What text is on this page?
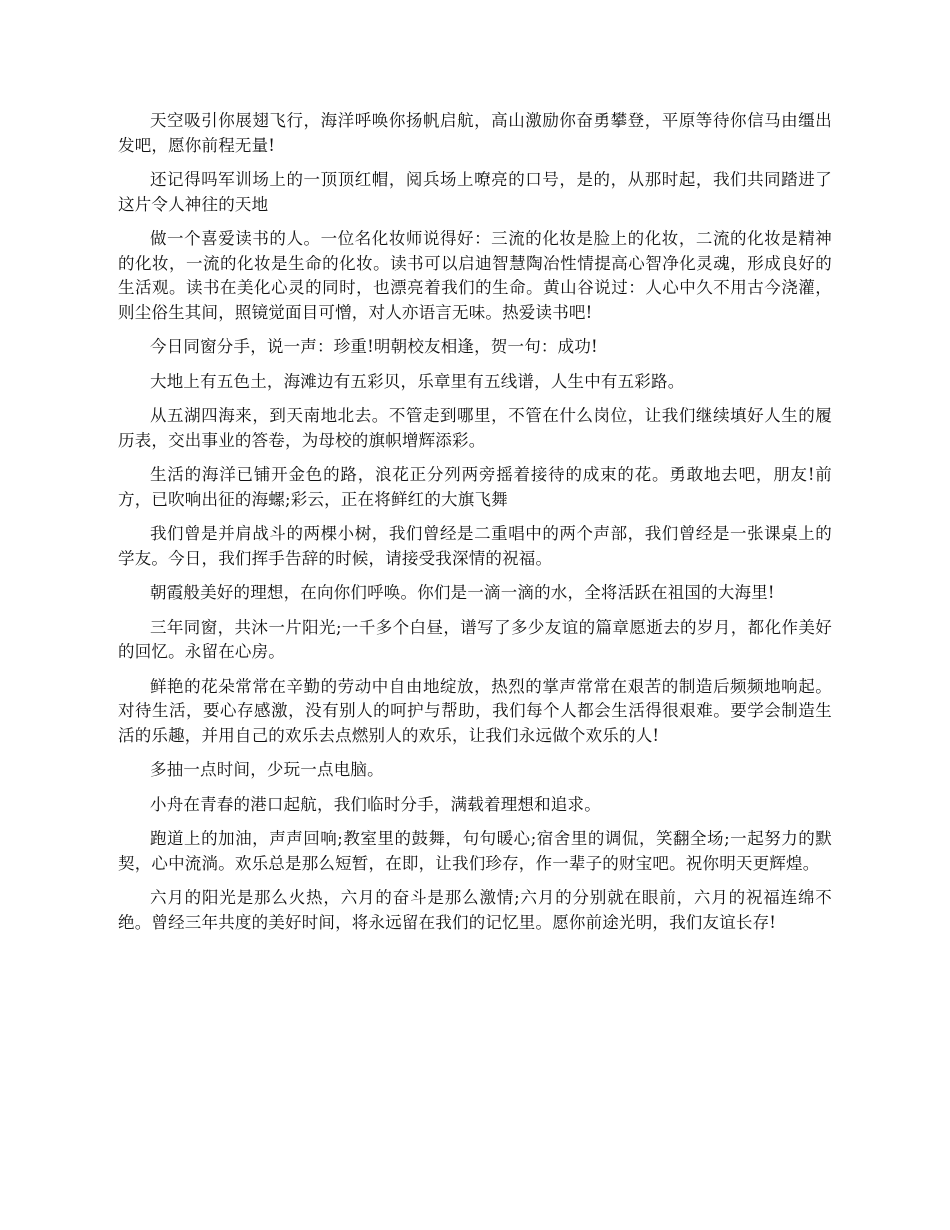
天空吸引你展翅飞行，海洋呼唤你扬帆启航，高山激励你奋勇攀登，平原等待你信马由缰出发吧，愿你前程无量!

还记得吗军训场上的一顶顶红帽，阅兵场上嘹亮的口号，是的，从那时起，我们共同踏进了这片令人神往的天地

做一个喜爱读书的人。一位名化妆师说得好：三流的化妆是脸上的化妆，二流的化妆是精神的化妆，一流的化妆是生命的化妆。读书可以启迪智慧陶冶性情提高心智净化灵魂，形成良好的生活观。读书在美化心灵的同时，也漂亮着我们的生命。黄山谷说过：人心中久不用古今浇灌，则尘俗生其间，照镜觉面目可憎，对人亦语言无味。热爱读书吧!

今日同窗分手，说一声：珍重!明朝校友相逢，贺一句：成功!

大地上有五色土，海滩边有五彩贝，乐章里有五线谱，人生中有五彩路。

从五湖四海来，到天南地北去。不管走到哪里，不管在什么岗位，让我们继续填好人生的履历表，交出事业的答卷，为母校的旗帜增辉添彩。

生活的海洋已铺开金色的路，浪花正分列两旁摇着接待的成束的花。勇敢地去吧，朋友!前方，已吹响出征的海螺;彩云，正在将鲜红的大旗飞舞

我们曾是并肩战斗的两棵小树，我们曾经是二重唱中的两个声部，我们曾经是一张课桌上的学友。今日，我们挥手告辞的时候，请接受我深情的祝福。

朝霞般美好的理想，在向你们呼唤。你们是一滴一滴的水，全将活跃在祖国的大海里!

三年同窗，共沐一片阳光;一千多个白昼，谱写了多少友谊的篇章愿逝去的岁月，都化作美好的回忆。永留在心房。

鲜艳的花朵常常在辛勤的劳动中自由地绽放，热烈的掌声常常在艰苦的制造后频频地响起。对待生活，要心存感激，没有别人的呵护与帮助，我们每个人都会生活得很艰难。要学会制造生活的乐趣，并用自己的欢乐去点燃别人的欢乐，让我们永远做个欢乐的人!

多抽一点时间，少玩一点电脑。

小舟在青春的港口起航，我们临时分手，满载着理想和追求。

跑道上的加油，声声回响;教室里的鼓舞，句句暖心;宿舍里的调侃，笑翻全场;一起努力的默契，心中流淌。欢乐总是那么短暂，在即，让我们珍存，作一辈子的财宝吧。祝你明天更辉煌。

六月的阳光是那么火热，六月的奋斗是那么激情;六月的分别就在眼前，六月的祝福连绵不绝。曾经三年共度的美好时间，将永远留在我们的记忆里。愿你前途光明，我们友谊长存!
